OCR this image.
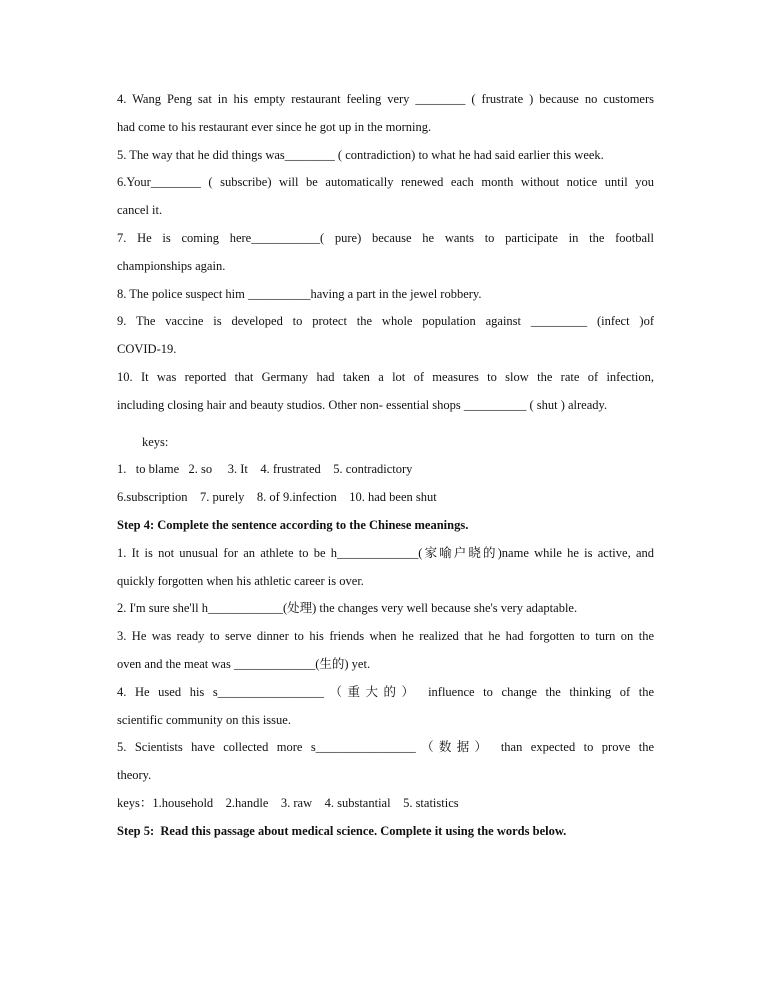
4. Wang Peng sat in his empty restaurant feeling very ________ ( frustrate ) because no customers
had come to his restaurant ever since he got up in the morning.
5. The way that he did things was________ ( contradiction) to what he had said earlier this week.
6.Your________ ( subscribe) will be automatically renewed each month without notice until you
cancel it.
7. He is coming here___________( pure) because he wants to participate in the football
championships again.
8. The police suspect him __________having a part in the jewel robbery.
9. The vaccine is developed to protect the whole population against _________ (infect )of
COVID-19.
10. It was reported that Germany had taken a lot of measures to slow the rate of infection,
including closing hair and beauty studios. Other non- essential shops __________ ( shut ) already.
keys:
1.   to blame   2. so     3. It    4. frustrated    5. contradictory
6.subscription    7. purely    8. of 9.infection    10. had been shut
Step 4: Complete the sentence according to the Chinese meanings.
1. It is not unusual for an athlete to be h_____________(家喻户晓的)name while he is active, and
quickly forgotten when his athletic career is over.
2. I'm sure she'll h____________(处理) the changes very well because she's very adaptable.
3. He was ready to serve dinner to his friends when he realized that he had forgotten to turn on the
oven and the meat was _____________(生的) yet.
4. He used his s_________________（重大的） influence to change the thinking of the
scientific community on this issue.
5. Scientists have collected more s________________（数据） than expected to prove the
theory.
keys：1.household    2.handle    3. raw    4. substantial    5. statistics
Step 5:  Read this passage about medical science. Complete it using the words below.
